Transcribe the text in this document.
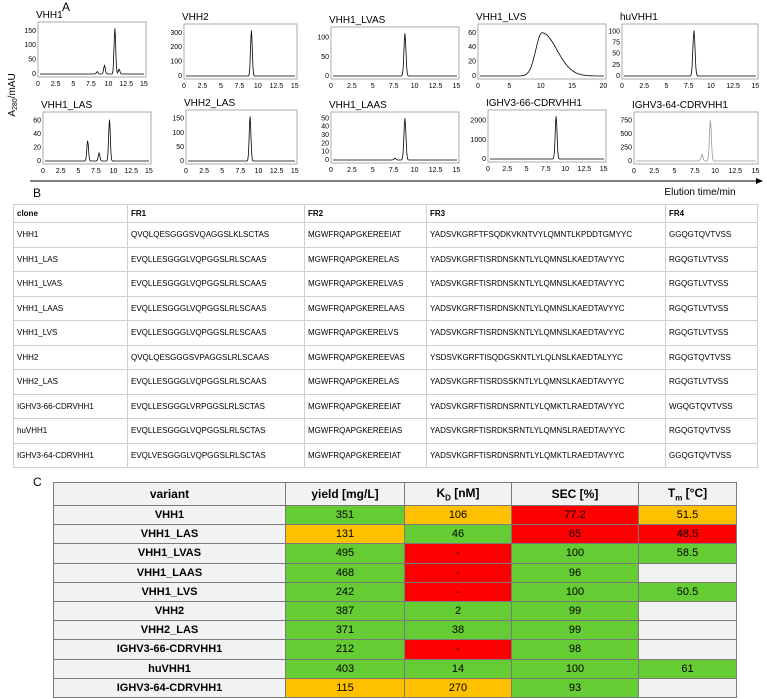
A
B
C
$A_{280}$/mAU
Elution time/min
VHH1
0 2.5 5 7.5 10 12.5 15
0
50
100
150
VHH2
0 2.5 5 7.5 10 12.5 15
0
100
200
300
VHH1_LVAS
0 2.5 5 7.5 10 12.5 15
0
50
100
VHH1_LVS
0	5	10	15	20
0
20
40
60
huVHH1
0 2.5 5 7.5 10 12.5 15
0
25
50
75
100
VHH1_LAS
0 2.5 5 7.5 10 12.5 15
0
20
40
60
VHH2_LAS
0 2.5 5 7.5 10 12.5 15
0
50
100
150
VHH1_LAAS
0 2.5 5 7.5 10 12.5 15
0
10
20
30
40
50
IGHV3-66-CDRVHH1
0 2.5 5 7.5 10 12.5 15
0
1000
2000
IGHV3-64-CDRVHH1
0 2.5 5 7.5 10 12.5 15
0
250
500
750
clone	FR1	FR2	FR3	FR4
VHH1	QVQLQESGGGSVQAGGSLKLSCTAS	MGWFRQAPGKEREEIAT	YADSVKGRFTFSQDKVKNTVYLQMNTLKPDDTGMYYC	GGQGTQVTVSS
VHH1_LAS	EVQLLESGGGLVQPGGSLRLSCAAS	MGWFRQAPGKERELAS	YADSVKGRFTISRDNSKNTLYLQMNSLKAEDTAVYYC	RGQGTLVTVSS
VHH1_LVAS	EVQLLESGGGLVQPGGSLRLSCAAS	MGWFRQAPGKERELVAS	YADSVKGRFTISRDNSKNTLYLQMNSLKAEDTAVYYC	RGQGTLVTVSS
VHH1_LAAS	EVQLLESGGGLVQPGGSLRLSCAAS	MGWFRQAPGKERELAAS	YADSVKGRFTISRDNSKNTLYLQMNSLKAEDTAVYYC	RGQGTLVTVSS
VHH1_LVS	EVQLLESGGGLVQPGGSLRLSCAAS	MGWFRQAPGKERELVS	YADSVKGRFTISRDNSKNTLYLQMNSLKAEDTAVYYC	RGQGTLVTVSS
VHH2	QVQLQESGGGSVPAGGSLRLSCAAS	MGWFRQAPGKEREEVAS	YSDSVKGRFTISQDGSKNTLYLQLNSLKAEDTALYYC	RGQGTQVTVSS
VHH2_LAS	EVQLLESGGGLVQPGGSLRLSCAAS	MGWFRQAPGKERELAS	YADSVKGRFTISRDSSKNTLYLQMNSLKAEDTAVYYC	RGQGTLVTVSS
IGHV3-66-CDRVHH1	EVQLLESGGGLVRPGGSLRLSCTAS	MGWFRQAPGKEREEIAT	YADSVKGRFTISRDNSRNTLYLQMKTLRAEDTAVYYC	WGQGTQVTVSS
huVHH1	EVQLLESGGGLVQPGGSLRLSCTAS	MGWFRQAPGKEREEIAS	YADSVKGRFTISRDKSRNTLYLQMNSLRAEDTAVYYC	RGQGTQVTVSS
IGHV3-64-CDRVHH1	EVQLVESGGGLVQPGGSLRLSCTAS	MGWFRQAPGKEREEIAT	YADSVKGRFTISRDNSRNTLYLQMKTLRAEDTAVYYC	GGQGTQVTVSS
variant	yield [mg/L]	$K_D$ [nM]	SEC [%]	$T_m$ [°C]
VHH1	351	106	77.2	51.5
VHH1_LAS	131	46	65	48.5
VHH1_LVAS	495	-	100	58.5
VHH1_LAAS	468	-	96	
VHH1_LVS	242	-	100	50.5
VHH2	387	2	99	
VHH2_LAS	371	38	99	
IGHV3-66-CDRVHH1	212	-	98	
huVHH1	403	14	100	61
IGHV3-64-CDRVHH1	115	270	93	
